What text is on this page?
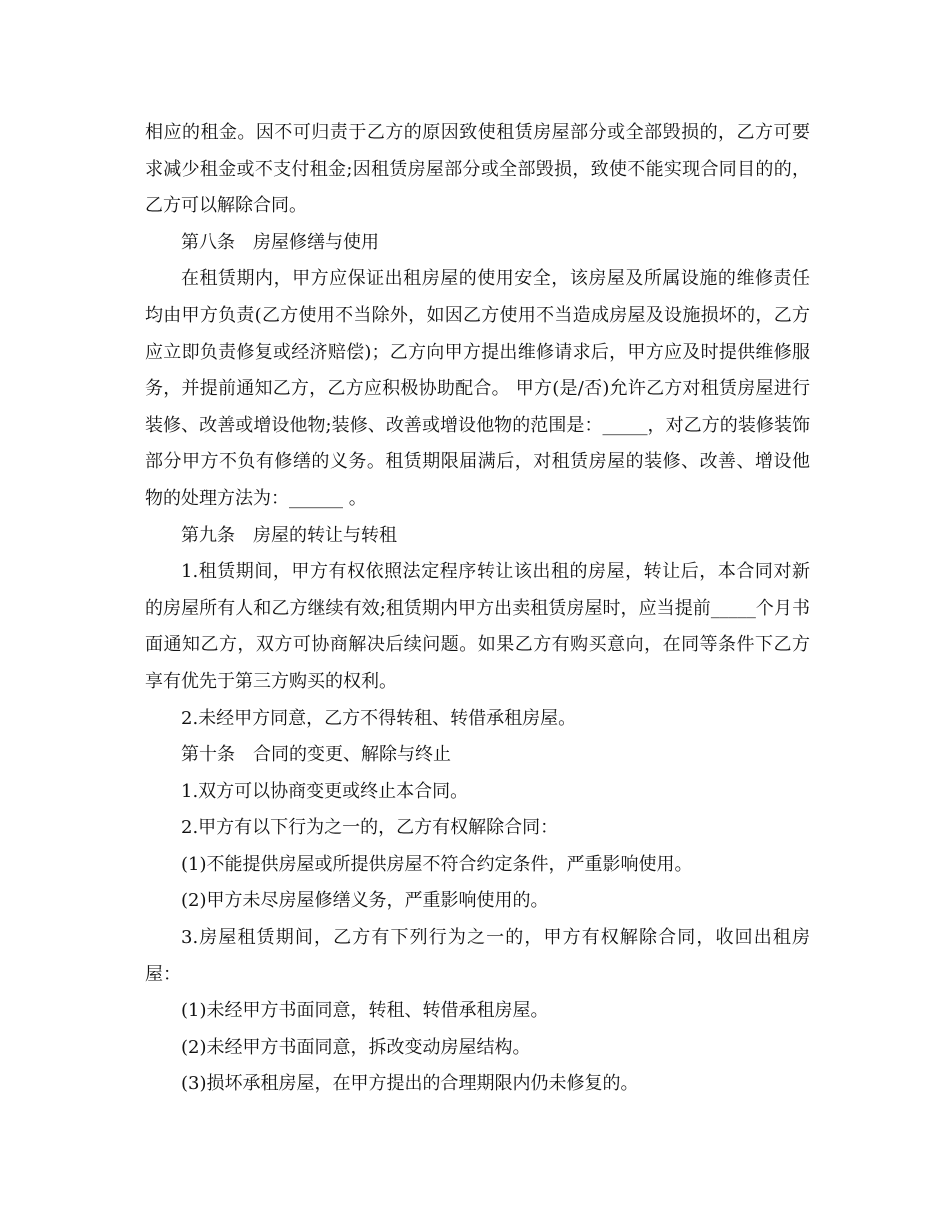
相应的租金。因不可归责于乙方的原因致使租赁房屋部分或全部毁损的，乙方可要求减少租金或不支付租金;因租赁房屋部分或全部毁损，致使不能实现合同目的的，乙方可以解除合同。

第八条　房屋修缮与使用

在租赁期内，甲方应保证出租房屋的使用安全，该房屋及所属设施的维修责任均由甲方负责(乙方使用不当除外，如因乙方使用不当造成房屋及设施损坏的，乙方应立即负责修复或经济赔偿)；乙方向甲方提出维修请求后，甲方应及时提供维修服务，并提前通知乙方，乙方应积极协助配合。 甲方(是/否)允许乙方对租赁房屋进行装修、改善或增设他物;装修、改善或增设他物的范围是：_____，对乙方的装修装饰部分甲方不负有修缮的义务。租赁期限届满后，对租赁房屋的装修、改善、增设他物的处理方法为：______ 。

第九条　房屋的转让与转租

1.租赁期间，甲方有权依照法定程序转让该出租的房屋，转让后，本合同对新的房屋所有人和乙方继续有效;租赁期内甲方出卖租赁房屋时，应当提前_____个月书面通知乙方，双方可协商解决后续问题。如果乙方有购买意向，在同等条件下乙方享有优先于第三方购买的权利。

2.未经甲方同意，乙方不得转租、转借承租房屋。

第十条　合同的变更、解除与终止

1.双方可以协商变更或终止本合同。

2.甲方有以下行为之一的，乙方有权解除合同：

(1)不能提供房屋或所提供房屋不符合约定条件，严重影响使用。

(2)甲方未尽房屋修缮义务，严重影响使用的。

3.房屋租赁期间，乙方有下列行为之一的，甲方有权解除合同，收回出租房屋：

(1)未经甲方书面同意，转租、转借承租房屋。

(2)未经甲方书面同意，拆改变动房屋结构。

(3)损坏承租房屋，在甲方提出的合理期限内仍未修复的。
